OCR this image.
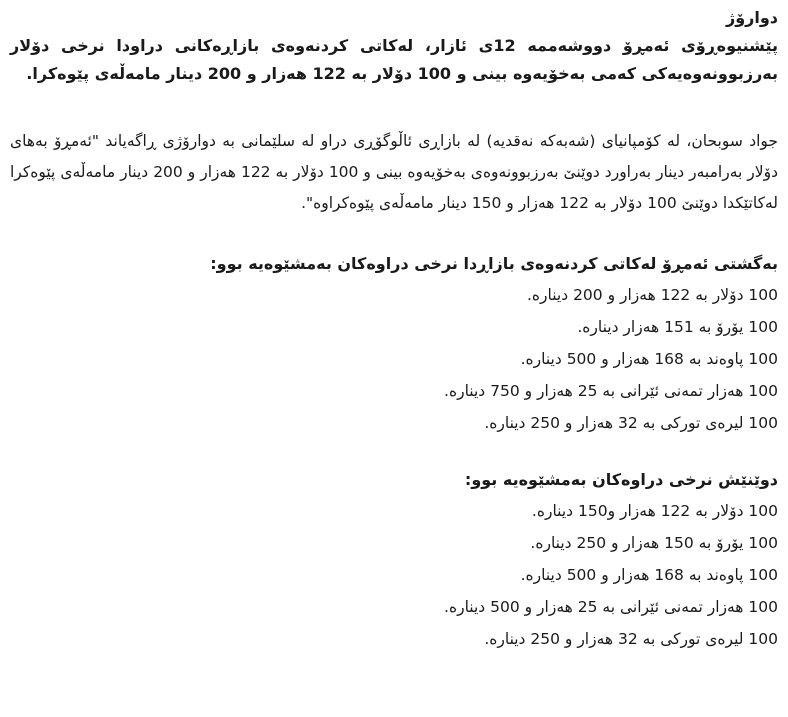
دوارۆژ

پێشنیوەڕۆی ئەمڕۆ دووشەممە 12ی ئازار، لەکاتی کردنەوەی بازاڕەکانی دراودا نرخی دۆلار بەرزبوونەوەیەکی کەمی بەخۆیەوە بینی و 100 دۆلار بە 122 هەزار و 200 دینار مامەڵەی پێوەکرا.

جواد سوبحان، لە کۆمپانیای (شەبەکە نەقدیە) لە بازاڕی ئاڵوگۆڕی دراو لە سلێمانی بە دوارۆژی ڕاگەیاند "ئەمڕۆ بەهای دۆلار بەرامبەر دینار بەراورد دوێنێ بەرزبوونەوەی بەخۆیەوە بینی و 100 دۆلار بە 122 هەزار و 200 دینار مامەڵەی پێوەکرا لەکاتێکدا دوێنێ 100 دۆلار بە 122 هەزار و 150 دینار مامەڵەی پێوەکراوە".

بەگشتی ئەمڕۆ لەکاتی کردنەوەی بازاڕدا نرخی دراوەکان بەمشێوەیە بوو:

100 دۆلار بە 122 هەزار و 200 دینارە.
100 یۆرۆ بە 151 هەزار دینارە.
100 پاوەند بە 168 هەزار و 500 دینارە.
100 هەزار تمەنی ئێرانی بە 25 هەزار و 750 دینارە.
100 لیرەی تورکی بە 32 هەزار و 250 دینارە.

دوێنێش نرخی دراوەکان بەمشێوەیە بوو:

100 دۆلار بە 122 هەزار و150 دینارە.
100 یۆرۆ بە 150 هەزار و 250 دینارە.
100 پاوەند بە 168 هەزار و 500 دینارە.
100 هەزار تمەنی ئێرانی بە 25 هەزار و 500 دینارە.
100 لیرەی تورکی بە 32 هەزار و 250 دینارە.
